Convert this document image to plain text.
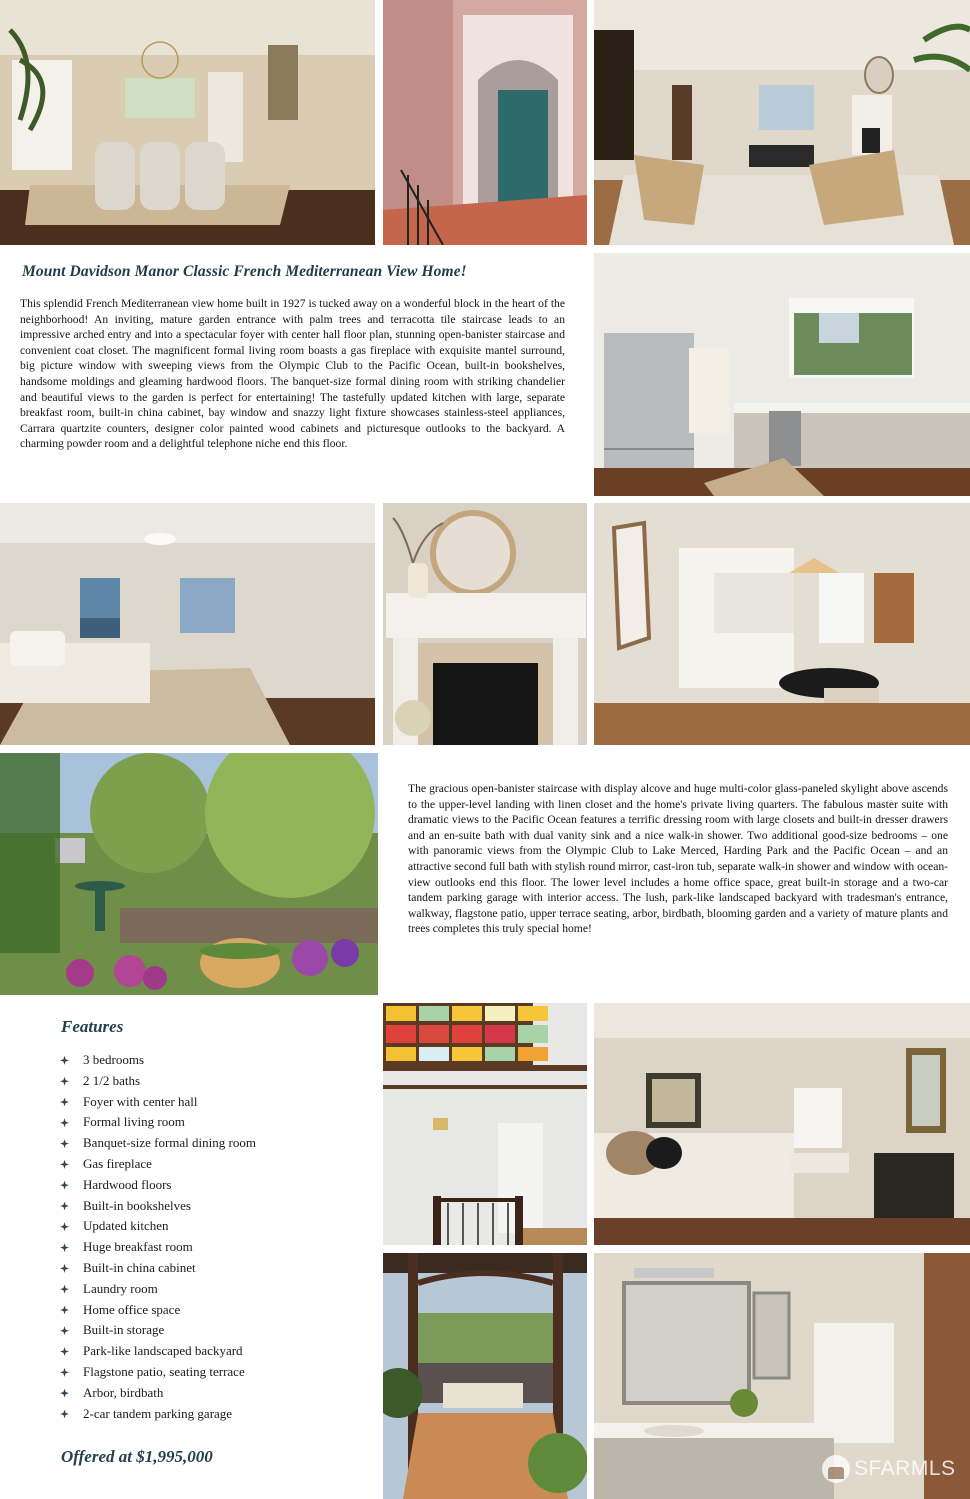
Mount Davidson Manor Classic French Mediterranean View Home!

This splendid French Mediterranean view home built in 1927 is tucked away on a wonderful block in the heart of the neighborhood! An inviting, mature garden entrance with palm trees and terracotta tile staircase leads to an impressive arched entry and into a spectacular foyer with center hall floor plan, stunning open-banister staircase and convenient coat closet. The magnificent formal living room boasts a gas fireplace with exquisite mantel surround, big picture window with sweeping views from the Olympic Club to the Pacific Ocean, built-in bookshelves, handsome moldings and gleaming hardwood floors. The banquet-size formal dining room with striking chandelier and beautiful views to the garden is perfect for entertaining! The tastefully updated kitchen with large, separate breakfast room, built-in china cabinet, bay window and snazzy light fixture showcases stainless-steel appliances, Carrara quartzite counters, designer color painted wood cabinets and picturesque outlooks to the backyard. A charming powder room and a delightful telephone niche end this floor.

The gracious open-banister staircase with display alcove and huge multi-color glass-paneled skylight above ascends to the upper-level landing with linen closet and the home's private living quarters. The fabulous master suite with dramatic views to the Pacific Ocean features a terrific dressing room with large closets and built-in dresser drawers and an en-suite bath with dual vanity sink and a nice walk-in shower. Two additional good-size bedrooms – one with panoramic views from the Olympic Club to Lake Merced, Harding Park and the Pacific Ocean – and an attractive second full bath with stylish round mirror, cast-iron tub, separate walk-in shower and window with ocean-view outlooks end this floor. The lower level includes a home office space, great built-in storage and a two-car tandem parking garage with interior access. The lush, park-like landscaped backyard with tradesman's entrance, walkway, flagstone patio, upper terrace seating, arbor, birdbath, blooming garden and a variety of mature plants and trees completes this truly special home!

Features
3 bedrooms
2 1/2 baths
Foyer with center hall
Formal living room
Banquet-size formal dining room
Gas fireplace
Hardwood floors
Built-in bookshelves
Updated kitchen
Huge breakfast room
Built-in china cabinet
Laundry room
Home office space
Built-in storage
Park-like landscaped backyard
Flagstone patio, seating terrace
Arbor, birdbath
2-car tandem parking garage
Offered at $1,995,000
SFARMLS
